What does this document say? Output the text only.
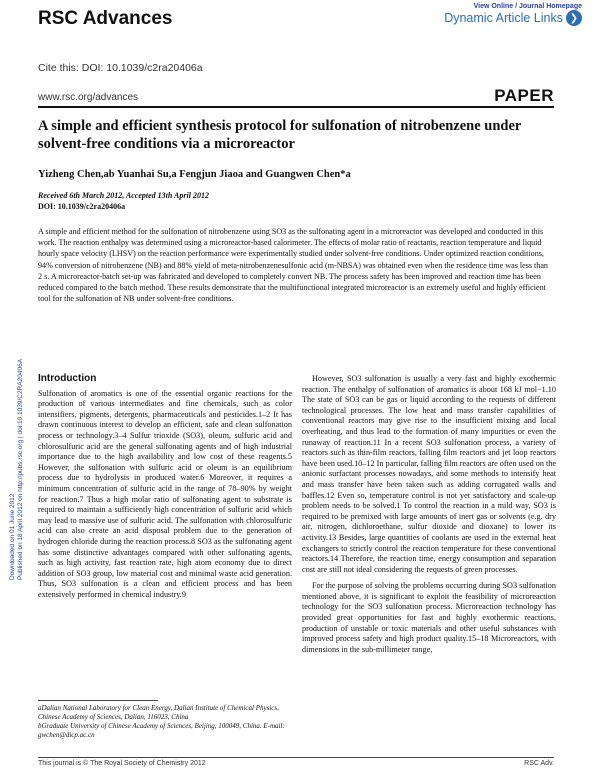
RSC Advances
View Online / Journal Homepage
Dynamic Article Links ❯
Cite this: DOI: 10.1039/c2ra20406a
www.rsc.org/advances	PAPER
A simple and efficient synthesis protocol for sulfonation of nitrobenzene under solvent-free conditions via a microreactor
Yizheng Chen,ab Yuanhai Su,a Fengjun Jiaoa and Guangwen Chen*a
Received 6th March 2012, Accepted 13th April 2012
DOI: 10.1039/c2ra20406a
Downloaded on 01 June 2012 Published on 18 April 2012 on http://pubs.rsc.org | doi:10.1039/C2RA20406A
A simple and efficient method for the sulfonation of nitrobenzene using SO3 as the sulfonating agent in a microreactor was developed and conducted in this work. The reaction enthalpy was determined using a microreactor-based calorimeter. The effects of molar ratio of reactants, reaction temperature and liquid hourly space velocity (LHSV) on the reaction performance were experimentally studied under solvent-free conditions. Under optimized reaction conditions, 94% conversion of nitrobenzene (NB) and 88% yield of meta-nitrobenzenesulfonic acid (m-NBSA) was obtained even when the residence time was less than 2 s. A microreactor-batch set-up was fabricated and developed to completely convert NB. The process safety has been improved and reaction time has been reduced compared to the batch method. These results demonstrate that the multifunctional integrated microreactor is an extremely useful and highly efficient tool for the sulfonation of NB under solvent-free conditions.
Introduction

Sulfonation of aromatics is one of the essential organic reactions for the production of various intermediates and fine chemicals, such as color intensifiers, pigments, detergents, pharmaceuticals and pesticides.1–2 It has drawn continuous interest to develop an efficient, safe and clean sulfonation process or technology.3–4 Sulfur trioxide (SO3), oleum, sulfuric acid and chlorosulfuric acid are the general sulfonating agents and of high industrial importance due to the high availability and low cost of these reagents.5 However, the sulfonation with sulfuric acid or oleum is an equilibrium process due to hydrolysis in produced water.6 Moreover, it requires a minimum concentration of sulfuric acid in the range of 78–90% by weight for reaction.7 Thus a high molar ratio of sulfonating agent to substrate is required to maintain a sufficiently high concentration of sulfuric acid which may lead to massive use of sulfuric acid. The sulfonation with chlorosulfuric acid can also create an acid disposal problem due to the generation of hydrogen chloride during the reaction process.8 SO3 as the sulfonating agent has some distinctive advantages compared with other sulfonating agents, such as high activity, fast reaction rate, high atom economy due to direct addition of SO3 group, low material cost and minimal waste acid generation. Thus, SO3 sulfonation is a clean and efficient process and has been extensively performed in chemical industry.9

However, SO3 sulfonation is usually a very fast and highly exothermic reaction. The enthalpy of sulfonation of aromatics is about 168 kJ mol−1.10 The state of SO3 can be gas or liquid according to the requests of different technological processes. The low heat and mass transfer capabilities of conventional reactors may give rise to the insufficient mixing and local overheating, and thus lead to the formation of many impurities or even the runaway of reaction.11 In a recent SO3 sulfonation process, a variety of reactors such as thin-film reactors, falling film reactors and jet loop reactors have been used.10–12 In particular, falling film reactors are often used on the anionic surfactant processes nowadays, and some methods to intensify heat and mass transfer have been taken such as adding corrugated walls and baffles.12 Even so, temperature control is not yet satisfactory and scale-up problem needs to be solved.1 To control the reaction in a mild way, SO3 is required to be premixed with large amounts of inert gas or solvents (e.g. dry air, nitrogen, dichloroethane, sulfur dioxide and dioxane) to lower its activity.13 Besides, large quantities of coolants are used in the external heat exchangers to strictly control the reaction temperature for these conventional reactors.14 Therefore, the reaction time, energy consumption and separation cost are still not ideal considering the requests of green processes.

For the purpose of solving the problems occurring during SO3 sulfonation mentioned above, it is significant to exploit the feasibility of microreaction technology for the SO3 sulfonation process. Microreaction technology has provided great opportunities for fast and highly exothermic reactions, production of unstable or toxic materials and other useful substances with improved process safety and high product quality.15–18 Microreactors, with dimensions in the sub-millimeter range,

aDalian National Laboratory for Clean Energy, Dalian Institute of Chemical Physics, Chinese Academy of Sciences, Dalian, 116023, China
bGraduate University of Chinese Academy of Sciences, Beijing, 100049, China. E-mail: gwchen@dicp.ac.cn
This journal is © The Royal Society of Chemistry 2012	RSC Adv.
